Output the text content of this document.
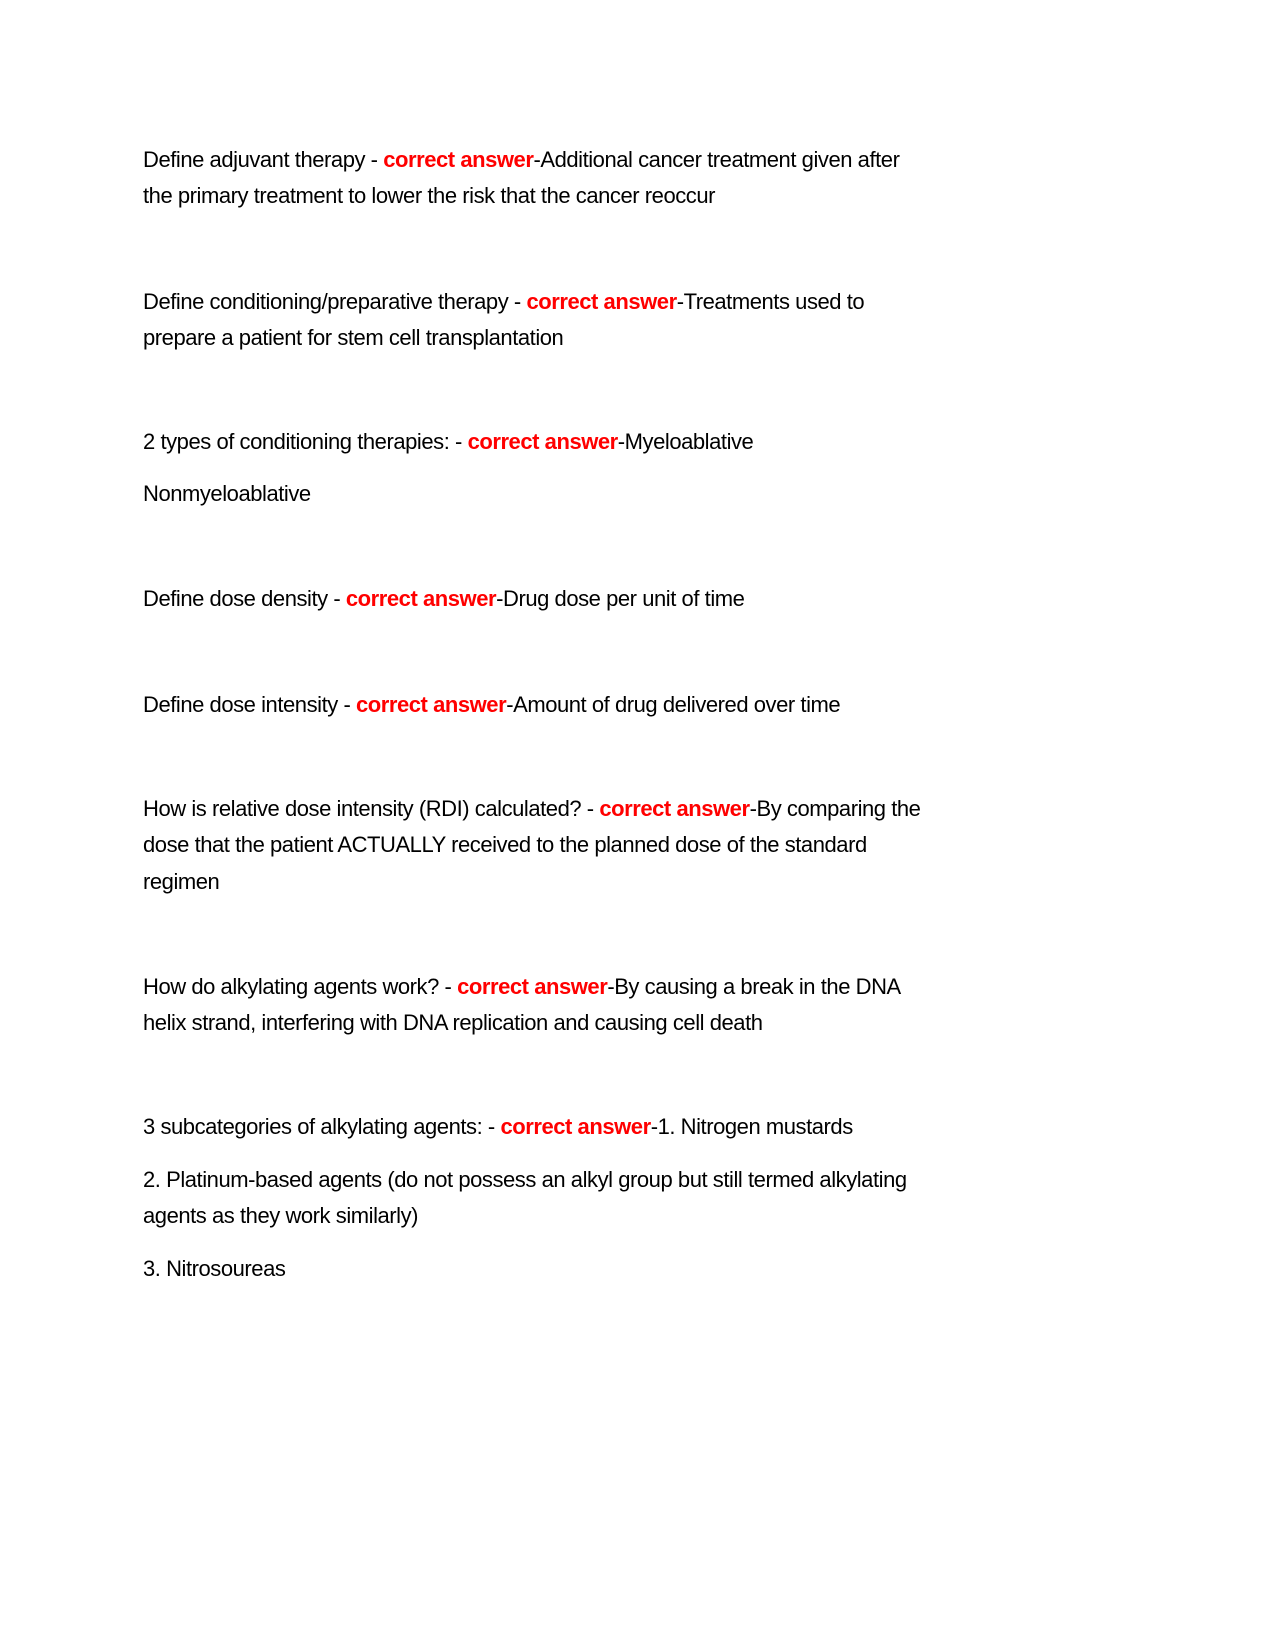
Define adjuvant therapy - correct answer-Additional cancer treatment given after
the primary treatment to lower the risk that the cancer reoccur
Define conditioning/preparative therapy - correct answer-Treatments used to
prepare a patient for stem cell transplantation
2 types of conditioning therapies: - correct answer-Myeloablative
Nonmyeloablative
Define dose density - correct answer-Drug dose per unit of time
Define dose intensity - correct answer-Amount of drug delivered over time
How is relative dose intensity (RDI) calculated? - correct answer-By comparing the
dose that the patient ACTUALLY received to the planned dose of the standard
regimen
How do alkylating agents work? - correct answer-By causing a break in the DNA
helix strand, interfering with DNA replication and causing cell death
3 subcategories of alkylating agents: - correct answer-1. Nitrogen mustards
2. Platinum-based agents (do not possess an alkyl group but still termed alkylating
agents as they work similarly)
3. Nitrosoureas
